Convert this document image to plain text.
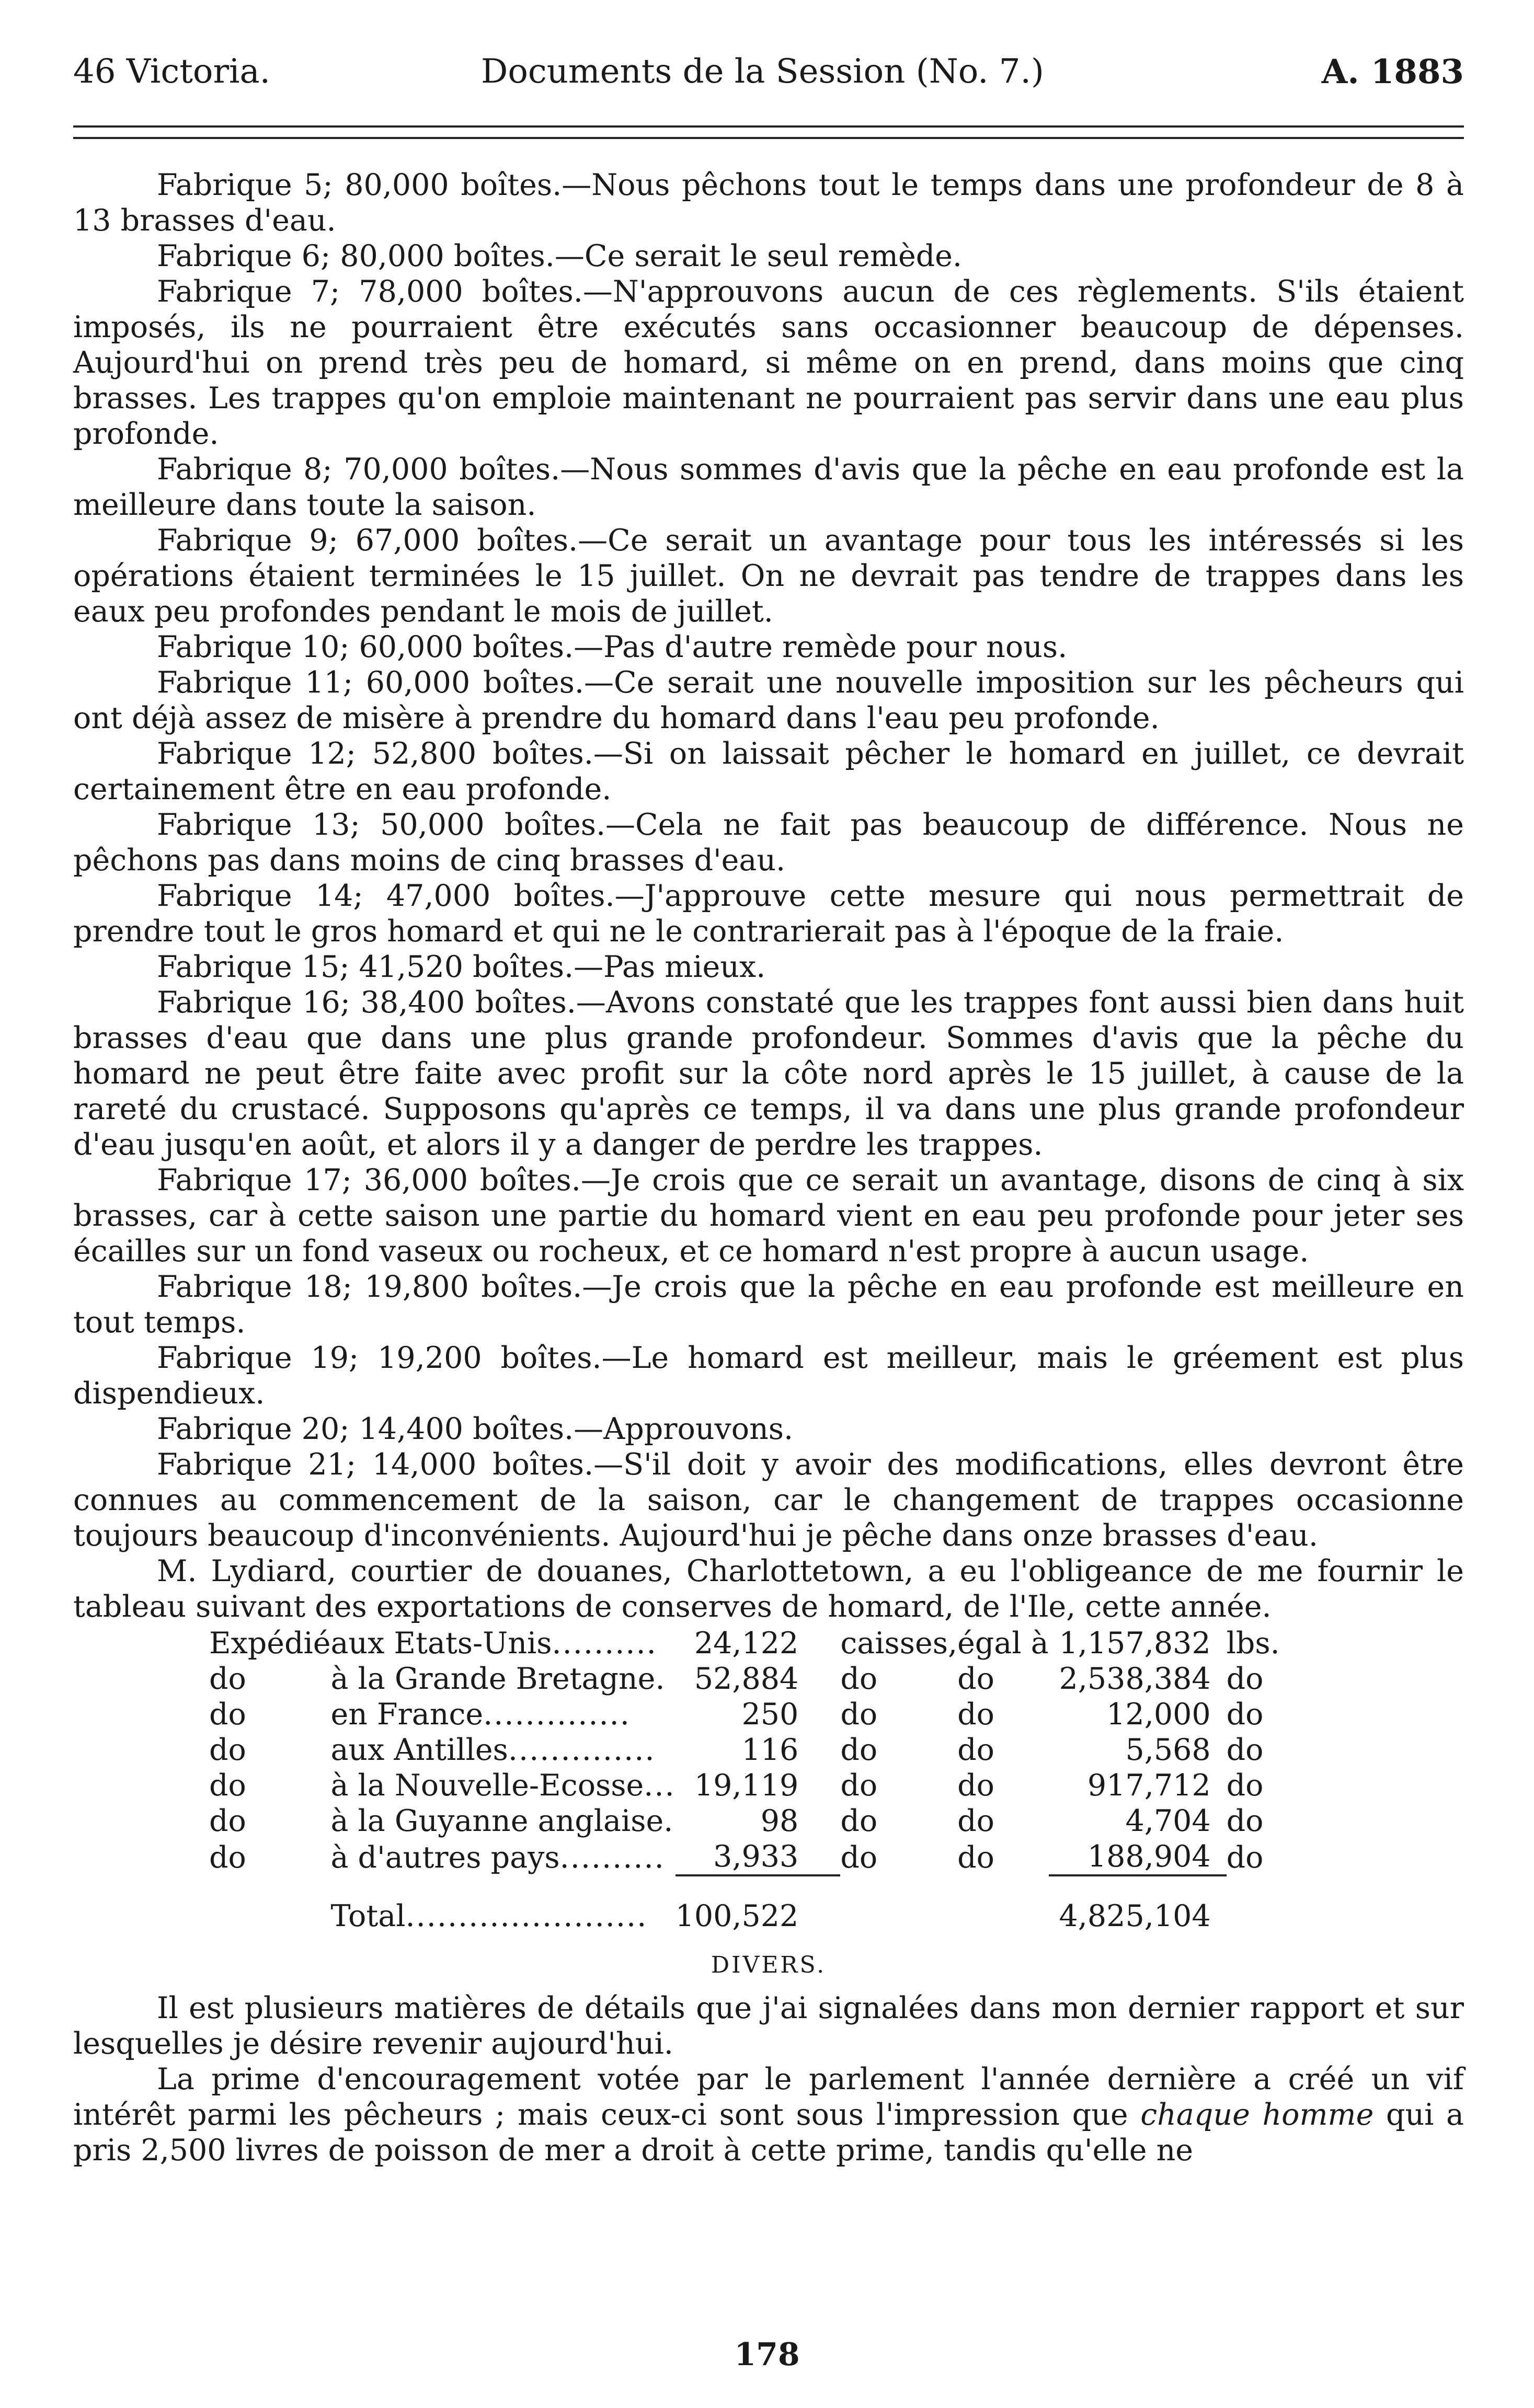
46 Victoria.	Documents de la Session (No. 7.)	A. 1883

Fabrique 5; 80,000 boîtes.—Nous pêchons tout le temps dans une profondeur de 8 à 13 brasses d'eau.

Fabrique 6; 80,000 boîtes.—Ce serait le seul remède.

Fabrique 7; 78,000 boîtes.—N'approuvons aucun de ces règlements. S'ils étaient imposés, ils ne pourraient être exécutés sans occasionner beaucoup de dépenses. Aujourd'hui on prend très peu de homard, si même on en prend, dans moins que cinq brasses. Les trappes qu'on emploie maintenant ne pourraient pas servir dans une eau plus profonde.

Fabrique 8; 70,000 boîtes.—Nous sommes d'avis que la pêche en eau profonde est la meilleure dans toute la saison.

Fabrique 9; 67,000 boîtes.—Ce serait un avantage pour tous les intéressés si les opérations étaient terminées le 15 juillet. On ne devrait pas tendre de trappes dans les eaux peu profondes pendant le mois de juillet.

Fabrique 10; 60,000 boîtes.—Pas d'autre remède pour nous.

Fabrique 11; 60,000 boîtes.—Ce serait une nouvelle imposition sur les pêcheurs qui ont déjà assez de misère à prendre du homard dans l'eau peu profonde.

Fabrique 12; 52,800 boîtes.—Si on laissait pêcher le homard en juillet, ce devrait certainement être en eau profonde.

Fabrique 13; 50,000 boîtes.—Cela ne fait pas beaucoup de différence. Nous ne pêchons pas dans moins de cinq brasses d'eau.

Fabrique 14; 47,000 boîtes.—J'approuve cette mesure qui nous permettrait de prendre tout le gros homard et qui ne le contrarierait pas à l'époque de la fraie.

Fabrique 15; 41,520 boîtes.—Pas mieux.

Fabrique 16; 38,400 boîtes.—Avons constaté que les trappes font aussi bien dans huit brasses d'eau que dans une plus grande profondeur. Sommes d'avis que la pêche du homard ne peut être faite avec profit sur la côte nord après le 15 juillet, à cause de la rareté du crustacé. Supposons qu'après ce temps, il va dans une plus grande profondeur d'eau jusqu'en août, et alors il y a danger de perdre les trappes.

Fabrique 17; 36,000 boîtes.—Je crois que ce serait un avantage, disons de cinq à six brasses, car à cette saison une partie du homard vient en eau peu profonde pour jeter ses écailles sur un fond vaseux ou rocheux, et ce homard n'est propre à aucun usage.

Fabrique 18; 19,800 boîtes.—Je crois que la pêche en eau profonde est meilleure en tout temps.

Fabrique 19; 19,200 boîtes.—Le homard est meilleur, mais le gréement est plus dispendieux.

Fabrique 20; 14,400 boîtes.—Approuvons.

Fabrique 21; 14,000 boîtes.—S'il doit y avoir des modifications, elles devront être connues au commencement de la saison, car le changement de trappes occasionne toujours beaucoup d'inconvénients. Aujourd'hui je pêche dans onze brasses d'eau.

M. Lydiard, courtier de douanes, Charlottetown, a eu l'obligeance de me fournir le tableau suivant des exportations de conserves de homard, de l'Ile, cette année.

Expédié	aux Etats-Unis..........	24,122	caisses,	égal à	1,157,832	lbs.
do	à la Grande Bretagne.	52,884	do	do	2,538,384	do
do	en France..............	250	do	do	12,000	do
do	aux Antilles..............	116	do	do	5,568	do
do	à la Nouvelle-Ecosse...	19,119	do	do	917,712	do
do	à la Guyanne anglaise.	98	do	do	4,704	do
do	à d'autres pays..........	3,933	do	do	188,904	do

	Total.......................	100,522			4,825,104	
DIVERS.

Il est plusieurs matières de détails que j'ai signalées dans mon dernier rapport et sur lesquelles je désire revenir aujourd'hui.

La prime d'encouragement votée par le parlement l'année dernière a créé un vif intérêt parmi les pêcheurs ; mais ceux-ci sont sous l'impression que chaque homme qui a pris 2,500 livres de poisson de mer a droit à cette prime, tandis qu'elle ne

178
